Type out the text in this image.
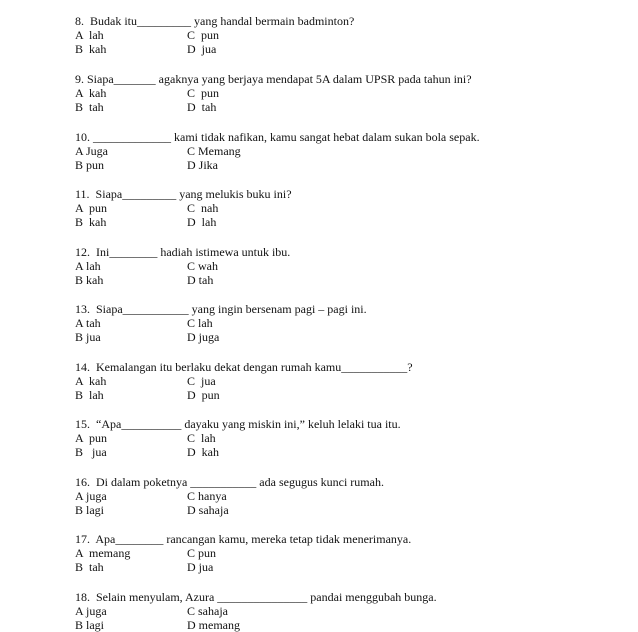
8.  Budak itu_________ yang handal bermain badminton?
A  lah	C  pun
B  kah	D  jua
9. Siapa_______ agaknya yang berjaya mendapat 5A dalam UPSR pada tahun ini?
A  kah	C  pun
B  tah	D  tah
10. _____________ kami tidak nafikan, kamu sangat hebat dalam sukan bola sepak.
A Juga	C Memang
B pun	D Jika
11.  Siapa_________ yang melukis buku ini?
A  pun	C  nah
B  kah	D  lah
12.  Ini________ hadiah istimewa untuk ibu.
A lah	C wah
B kah	D tah
13.  Siapa___________ yang ingin bersenam pagi – pagi ini.
A tah	C lah
B jua	D juga
14.  Kemalangan itu berlaku dekat dengan rumah kamu___________?
A  kah	C  jua
B  lah	D  pun
15.  “Apa__________ dayaku yang miskin ini,” keluh lelaki tua itu.
A  pun	C  lah
B   jua	D  kah
16.  Di dalam poketnya ___________ ada segugus kunci rumah.
A juga	C hanya
B lagi	D sahaja
17.  Apa________ rancangan kamu, mereka tetap tidak menerimanya.
A  memang	C pun
B  tah	D jua
18.  Selain menyulam, Azura _______________ pandai menggubah bunga.
A juga	C sahaja
B lagi	D memang
